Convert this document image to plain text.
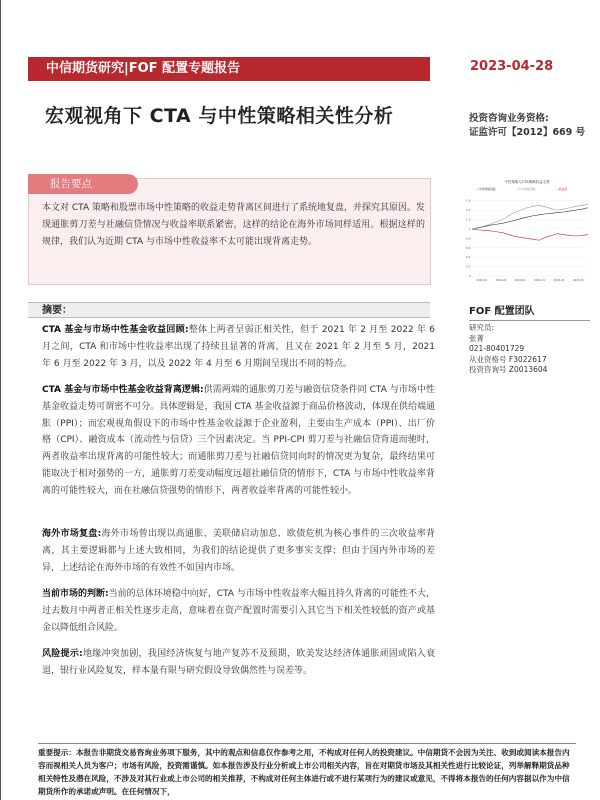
中信期货研究|FOF 配置专题报告	2023-04-28
宏观视角下 CTA 与中性策略相关性分析	投资咨询业务资格:
证监许可【2012】669 号
报告要点
本文对 CTA 策略和股票市场中性策略的收益走势背离区间进行了系统地复盘，并探究其原因。发现通胀剪刀差与社融信贷情况与收益率联系紧密，这样的结论在海外市场同样适用。根据这样的规律，我们认为近期 CTA 与市场中性收益率不太可能出现背离走势。
中性策略与CTA策略收益走势
—中性策略指数	—CTA策略指数	—收益差
1.6
1.4
1.2
1
0.8
0.6
0.4
0.2
0
2018-01	2019-01	2020-01	2021-01	2022-01	2023-01
摘要：
CTA 基金与市场中性基金收益回顾:整体上两者呈弱正相关性，但于 2021 年 2 月至 2022 年 6 月之间，CTA 和市场中性收益率出现了持续且显著的背离，且又在 2021 年 2 月至 5 月，2021 年 6 月至 2022 年 3 月，以及 2022 年 4 月至 6 月期间呈现出不同的特点。
CTA 基金与市场中性基金收益背离逻辑:供需两端的通胀剪刀差与融资信贷条件同 CTA 与市场中性基金收益走势可谓密不可分。具体逻辑是，我国 CTA 基金收益源于商品价格波动，体现在供给端通胀（PPI）；而宏观视角假设下的市场中性基金收益源于企业盈利，主要由生产成本（PPI）、出厂价格（CPI）、融资成本（流动性与信贷）三个因素决定。当 PPI-CPI 剪刀差与社融信贷背道而驰时，两者收益率出现背离的可能性较大；而通胀剪刀差与社融信贷同向时的情况更为复杂，最终结果可能取决于相对强势的一方，通胀剪刀差变动幅度远超社融信贷的情形下，CTA 与市场中性收益率背离的可能性较大，而在社融信贷强势的情形下，两者收益率背离的可能性较小。
海外市场复盘:海外市场曾出现以高通胀、美联储启动加息、欧债危机为核心事件的三次收益率背离，其主要逻辑都与上述大致相同，为我们的结论提供了更多事实支撑；但由于国内外市场的差异，上述结论在海外市场的有效性不如国内市场。
当前市场的判断:当前的总体环境稳中向好，CTA 与市场中性收益率大幅且持久背离的可能性不大，过去数月中两者正相关性逐步走高，意味着在资产配置时需要引入其它当下相关性较低的资产或基金以降低组合风险。
风险提示:地缘冲突加剧，我国经济恢复与地产复苏不及预期，欧美发达经济体通胀顽固或陷入衰退，银行业风险复发，样本量有限与研究假设导致偶然性与误差等。
FOF 配置团队
研究员:
张菁
021-80401729
从业资格号 F3022617
投资咨询号 Z0013604
重要提示：本报告非期货交易咨询业务项下服务，其中的观点和信息仅作参考之用，不构成对任何人的投资建议。中信期货不会因为关注、收到或阅读本报告内容而视相关人员为客户；市场有风险，投资需谨慎。如本报告涉及行业分析或上市公司相关内容，旨在对期货市场及其相关性进行比较论证，列举解释期货品种相关特性及潜在风险，不涉及对其行业或上市公司的相关推荐，不构成对任何主体进行或不进行某项行为的建议或意见，不得将本报告的任何内容据以作为中信期货所作的承诺或声明。在任何情况下，
